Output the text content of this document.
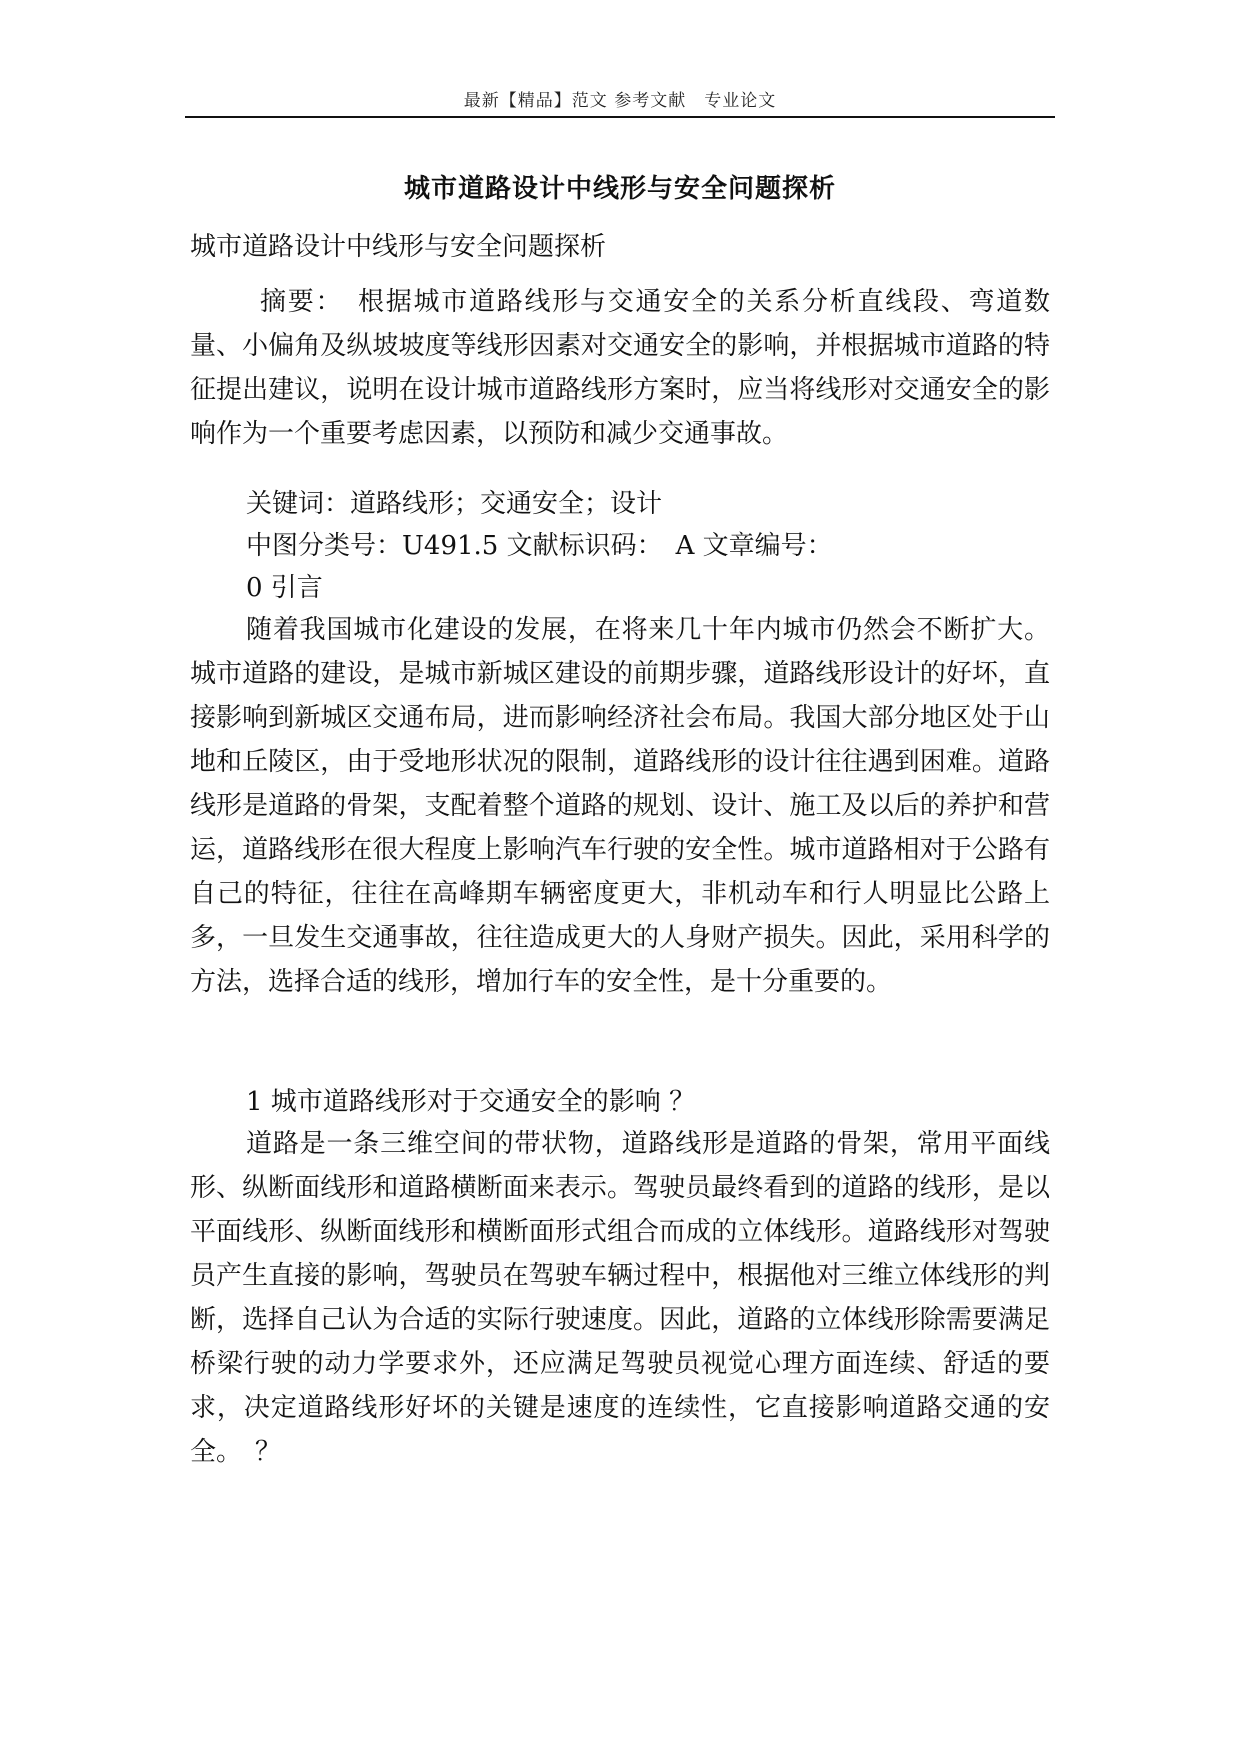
最新【精品】范文 参考文献　专业论文
城市道路设计中线形与安全问题探析
城市道路设计中线形与安全问题探析
摘要：　根据城市道路线形与交通安全的关系分析直线段、弯道数量、小偏角及纵坡坡度等线形因素对交通安全的影响，并根据城市道路的特征提出建议，说明在设计城市道路线形方案时，应当将线形对交通安全的影响作为一个重要考虑因素，以预防和减少交通事故。
关键词：道路线形；交通安全；设计
中图分类号：U491.5 文献标识码：　A 文章编号：
0 引言
随着我国城市化建设的发展，在将来几十年内城市仍然会不断扩大。城市道路的建设，是城市新城区建设的前期步骤，道路线形设计的好坏，直接影响到新城区交通布局，进而影响经济社会布局。我国大部分地区处于山地和丘陵区，由于受地形状况的限制，道路线形的设计往往遇到困难。道路线形是道路的骨架，支配着整个道路的规划、设计、施工及以后的养护和营运，道路线形在很大程度上影响汽车行驶的安全性。城市道路相对于公路有自己的特征，往往在高峰期车辆密度更大，非机动车和行人明显比公路上多，一旦发生交通事故，往往造成更大的人身财产损失。因此，采用科学的方法，选择合适的线形，增加行车的安全性，是十分重要的。
1 城市道路线形对于交通安全的影响 ？
道路是一条三维空间的带状物，道路线形是道路的骨架，常用平面线形、纵断面线形和道路横断面来表示。驾驶员最终看到的道路的线形，是以平面线形、纵断面线形和横断面形式组合而成的立体线形。道路线形对驾驶员产生直接的影响，驾驶员在驾驶车辆过程中，根据他对三维立体线形的判断，选择自己认为合适的实际行驶速度。因此，道路的立体线形除需要满足桥梁行驶的动力学要求外，还应满足驾驶员视觉心理方面连续、舒适的要求，决定道路线形好坏的关键是速度的连续性，它直接影响道路交通的安全。　？
